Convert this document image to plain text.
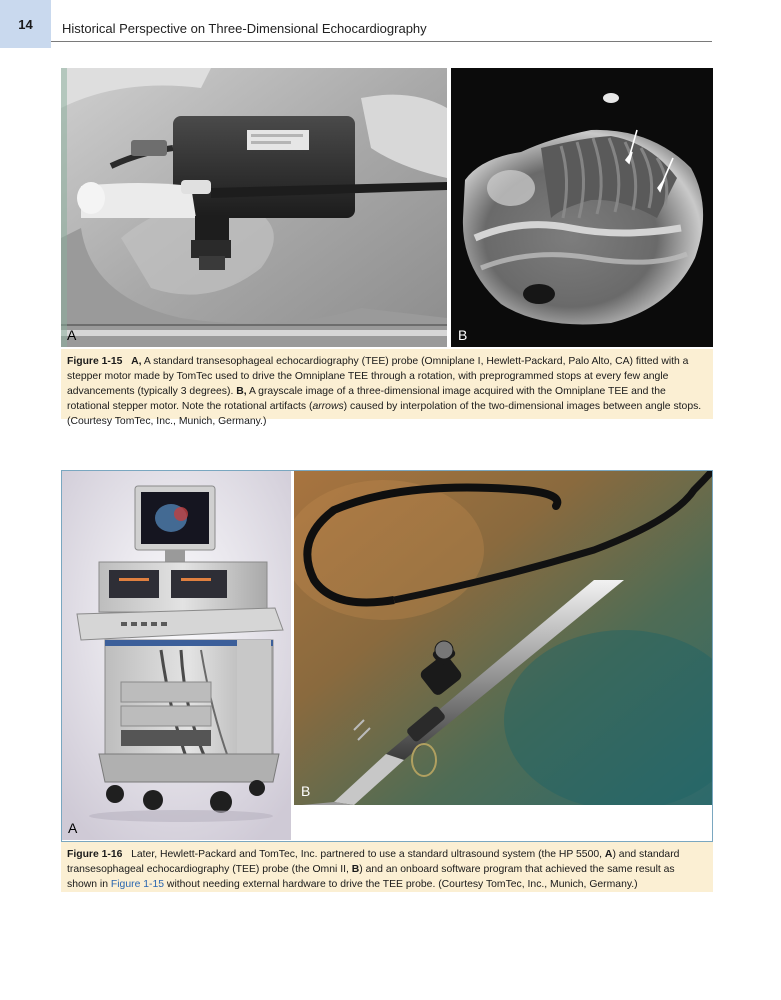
14	Historical Perspective on Three-Dimensional Echocardiography
A	B
Figure 1-15 A, A standard transesophageal echocardiography (TEE) probe (Omniplane I, Hewlett-Packard, Palo Alto, CA) fitted with a stepper motor made by TomTec used to drive the Omniplane TEE through a rotation, with preprogrammed stops at every few angle advancements (typically 3 degrees). B, A grayscale image of a three-dimensional image acquired with the Omniplane TEE and the rotational stepper motor. Note the rotational artifacts (arrows) caused by interpolation of the two-dimensional images between angle stops. (Courtesy TomTec, Inc., Munich, Germany.)
A
B
Figure 1-16   Later, Hewlett-Packard and TomTec, Inc. partnered to use a standard ultrasound system (the HP 5500, A) and standard transesophageal echocardiography (TEE) probe (the Omni II, B) and an onboard software program that achieved the same result as shown in Figure 1-15 without needing external hardware to drive the TEE probe. (Courtesy TomTec, Inc., Munich, Germany.)
